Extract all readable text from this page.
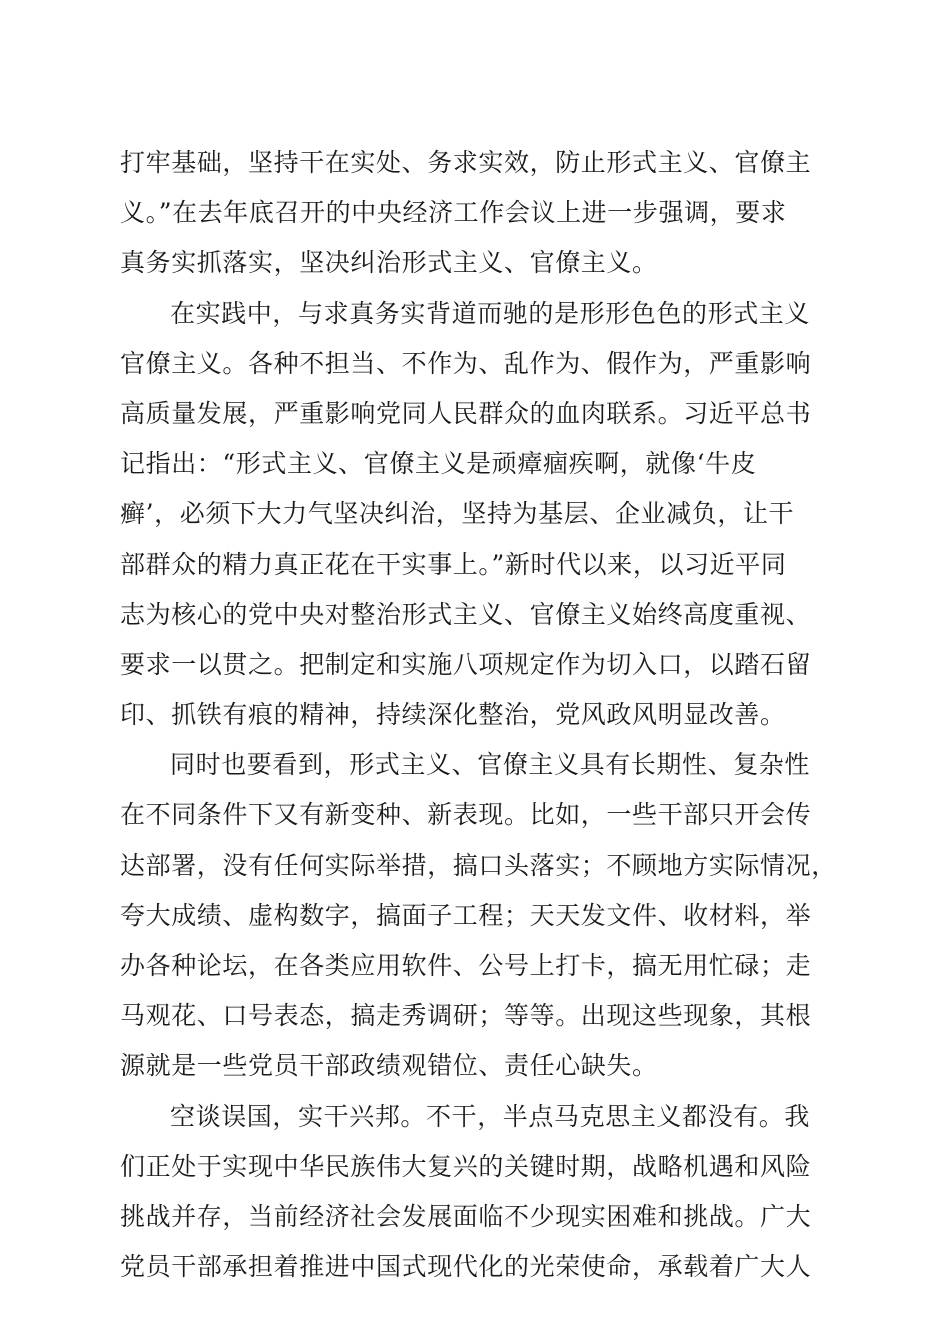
打牢基础，坚持干在实处、务求实效，防止形式主义、官僚主
义。”在去年底召开的中央经济工作会议上进一步强调，要求
真务实抓落实，坚决纠治形式主义、官僚主义。
在实践中，与求真务实背道而驰的是形形色色的形式主义
官僚主义。各种不担当、不作为、乱作为、假作为，严重影响
高质量发展，严重影响党同人民群众的血肉联系。习近平总书
记指出：“形式主义、官僚主义是顽瘴痼疾啊，就像‘牛皮
癣’，必须下大力气坚决纠治，坚持为基层、企业减负，让干
部群众的精力真正花在干实事上。”新时代以来，以习近平同
志为核心的党中央对整治形式主义、官僚主义始终高度重视、
要求一以贯之。把制定和实施八项规定作为切入口，以踏石留
印、抓铁有痕的精神，持续深化整治，党风政风明显改善。
同时也要看到，形式主义、官僚主义具有长期性、复杂性
在不同条件下又有新变种、新表现。比如，一些干部只开会传
达部署，没有任何实际举措，搞口头落实；不顾地方实际情况，
夸大成绩、虚构数字，搞面子工程；天天发文件、收材料，举
办各种论坛，在各类应用软件、公号上打卡，搞无用忙碌；走
马观花、口号表态，搞走秀调研；等等。出现这些现象，其根
源就是一些党员干部政绩观错位、责任心缺失。
空谈误国，实干兴邦。不干，半点马克思主义都没有。我
们正处于实现中华民族伟大复兴的关键时期，战略机遇和风险
挑战并存，当前经济社会发展面临不少现实困难和挑战。广大
党员干部承担着推进中国式现代化的光荣使命，承载着广大人
